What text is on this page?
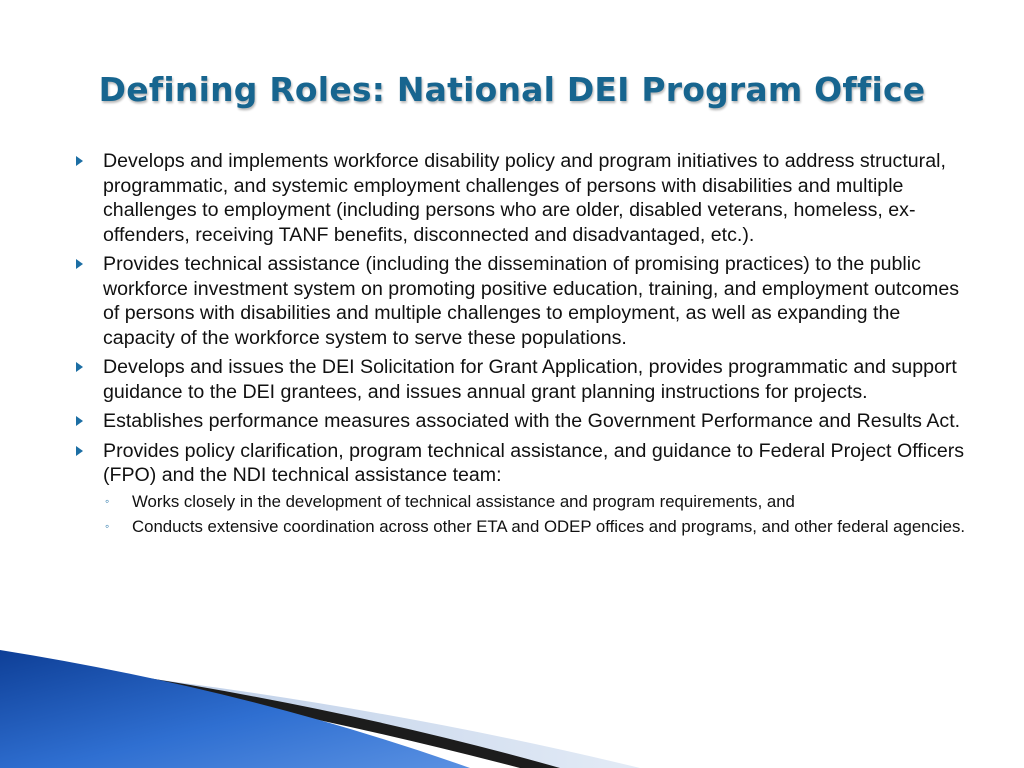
Defining Roles: National DEI Program Office
Develops and implements workforce disability policy and program initiatives to address structural, programmatic, and systemic employment challenges of persons with disabilities and multiple challenges to employment (including persons who are older, disabled veterans, homeless, ex-offenders, receiving TANF benefits, disconnected and disadvantaged, etc.).
Provides technical assistance (including the dissemination of promising practices) to the public workforce investment system on promoting positive education, training, and employment outcomes of persons with disabilities and multiple challenges to employment, as well as expanding the capacity of the workforce system to serve these populations.
Develops and issues the DEI Solicitation for Grant Application, provides programmatic and support guidance to the DEI grantees, and issues annual grant planning instructions for projects.
Establishes performance measures associated with the Government Performance and Results Act.
Provides policy clarification, program technical assistance, and guidance to Federal Project Officers (FPO) and the NDI technical assistance team:
◦ Works closely in the development of technical assistance and program requirements, and
◦ Conducts extensive coordination across other ETA and ODEP offices and programs, and other federal agencies.
